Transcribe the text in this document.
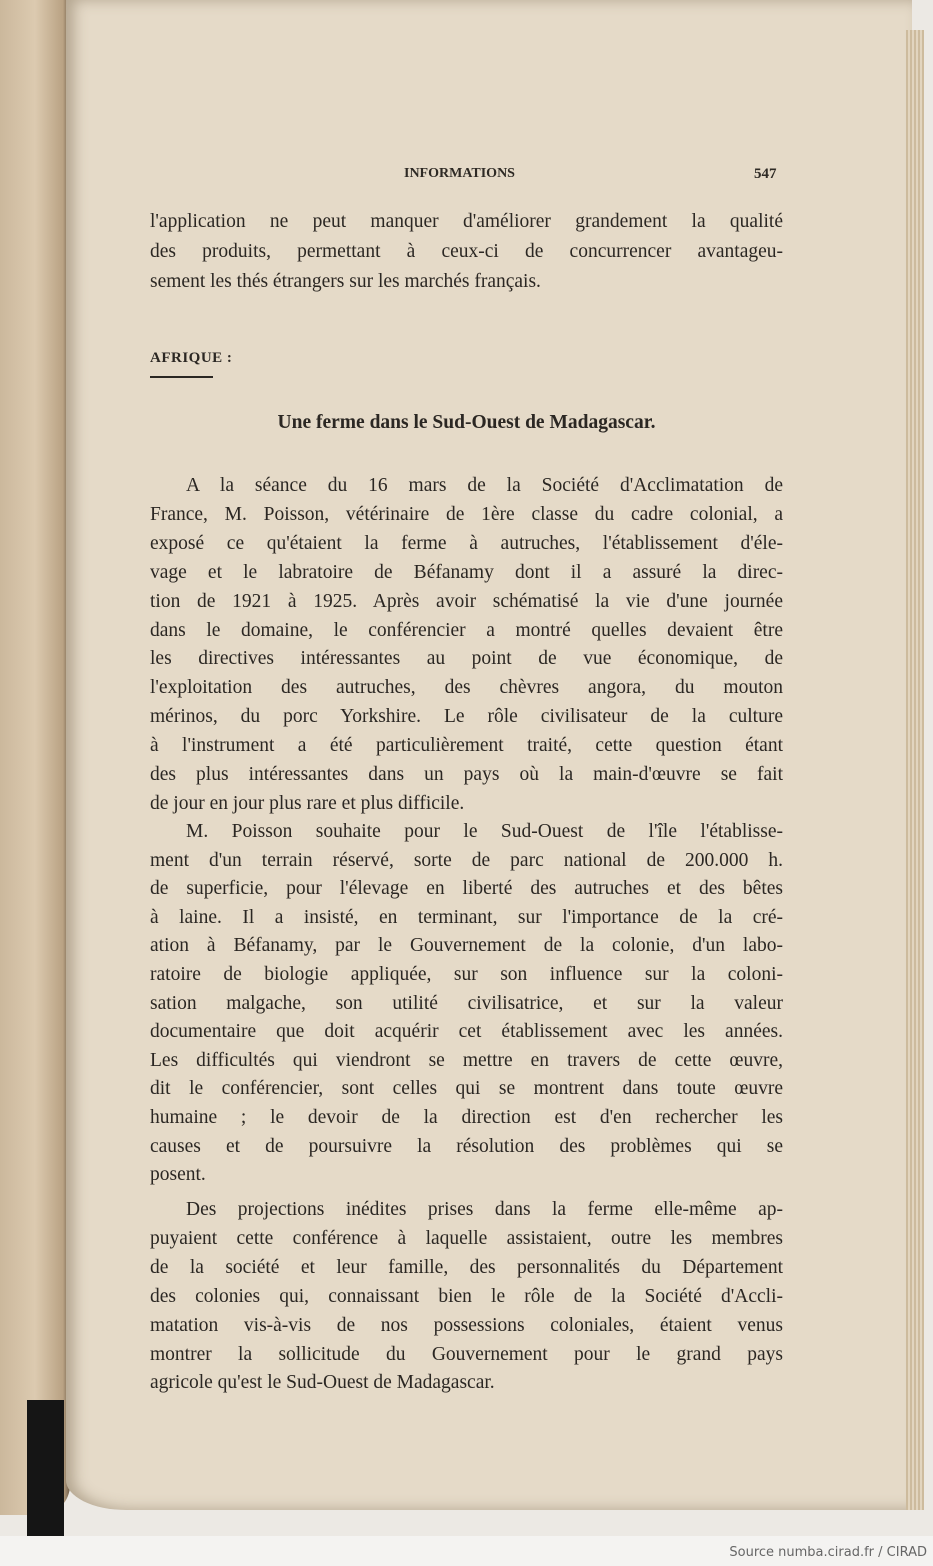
INFORMATIONS	547
l'application ne peut manquer d'améliorer grandement la qualité
des produits, permettant à ceux-ci de concurrencer avantageu-
sement les thés étrangers sur les marchés français.
AFRIQUE :
Une ferme dans le Sud-Ouest de Madagascar.
A la séance du 16 mars de la Société d'Acclimatation de
France, M. Poisson, vétérinaire de 1ère classe du cadre colonial, a
exposé ce qu'étaient la ferme à autruches, l'établissement d'éle-
vage et le labratoire de Béfanamy dont il a assuré la direc-
tion de 1921 à 1925. Après avoir schématisé la vie d'une journée
dans le domaine, le conférencier a montré quelles devaient être
les directives intéressantes au point de vue économique, de
l'exploitation des autruches, des chèvres angora, du mouton
mérinos, du porc Yorkshire. Le rôle civilisateur de la culture
à l'instrument a été particulièrement traité, cette question étant
des plus intéressantes dans un pays où la main-d'œuvre se fait
de jour en jour plus rare et plus difficile.
M. Poisson souhaite pour le Sud-Ouest de l'île l'établisse-
ment d'un terrain réservé, sorte de parc national de 200.000 h.
de superficie, pour l'élevage en liberté des autruches et des bêtes
à laine. Il a insisté, en terminant, sur l'importance de la cré-
ation à Béfanamy, par le Gouvernement de la colonie, d'un labo-
ratoire de biologie appliquée, sur son influence sur la coloni-
sation malgache, son utilité civilisatrice, et sur la valeur
documentaire que doit acquérir cet établissement avec les années.
Les difficultés qui viendront se mettre en travers de cette œuvre,
dit le conférencier, sont celles qui se montrent dans toute œuvre
humaine ; le devoir de la direction est d'en rechercher les
causes et de poursuivre la résolution des problèmes qui se
posent.
Des projections inédites prises dans la ferme elle-même ap-
puyaient cette conférence à laquelle assistaient, outre les membres
de la société et leur famille, des personnalités du Département
des colonies qui, connaissant bien le rôle de la Société d'Accli-
matation vis-à-vis de nos possessions coloniales, étaient venus
montrer la sollicitude du Gouvernement pour le grand pays
agricole qu'est le Sud-Ouest de Madagascar.
Source numba.cirad.fr / CIRAD
